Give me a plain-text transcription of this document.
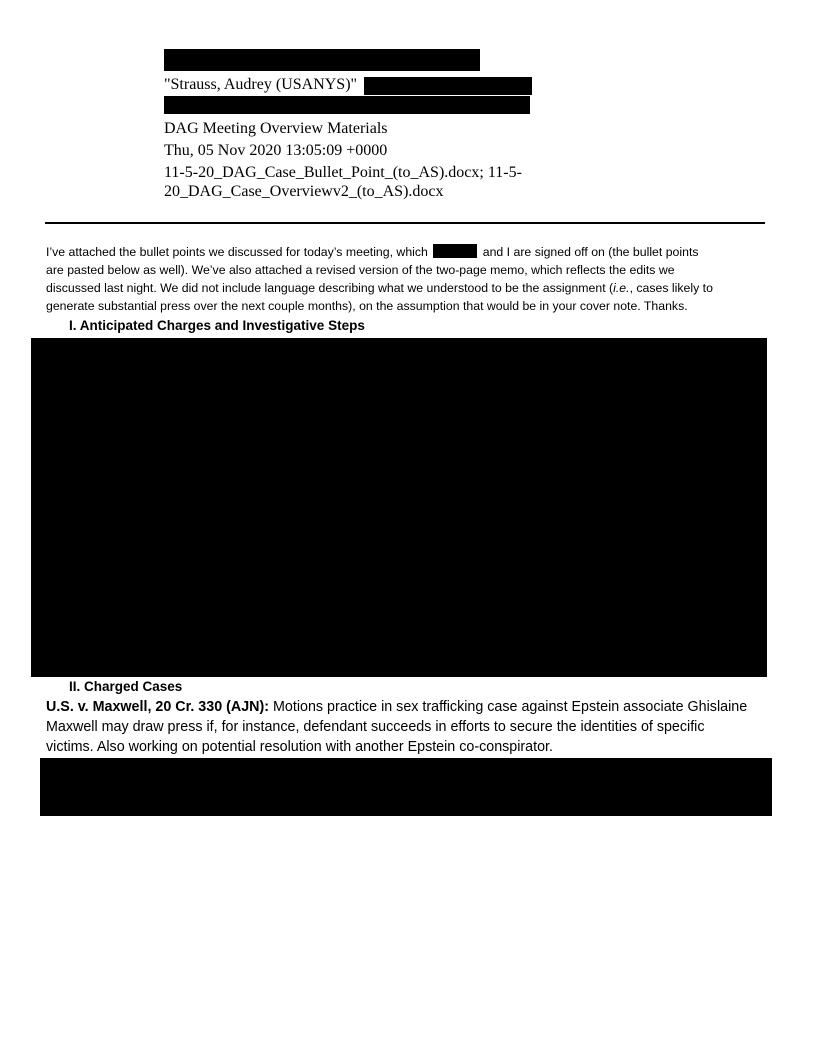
"Strauss, Audrey (USANYS)"
DAG Meeting Overview Materials
Thu, 05 Nov 2020 13:05:09 +0000
11-5-20_DAG_Case_Bullet_Point_(to_AS).docx; 11-5-
20_DAG_Case_Overviewv2_(to_AS).docx
I’ve attached the bullet points we discussed for today’s meeting, which	and I are signed off on (the bullet points
are pasted below as well). We’ve also attached a revised version of the two-page memo, which reflects the edits we
discussed last night. We did not include language describing what we understood to be the assignment (i.e., cases likely to
generate substantial press over the next couple months), on the assumption that would be in your cover note. Thanks.
I. Anticipated Charges and Investigative Steps
II. Charged Cases
U.S. v. Maxwell, 20 Cr. 330 (AJN): Motions practice in sex trafficking case against Epstein associate Ghislaine
Maxwell may draw press if, for instance, defendant succeeds in efforts to secure the identities of specific
victims. Also working on potential resolution with another Epstein co-conspirator.
